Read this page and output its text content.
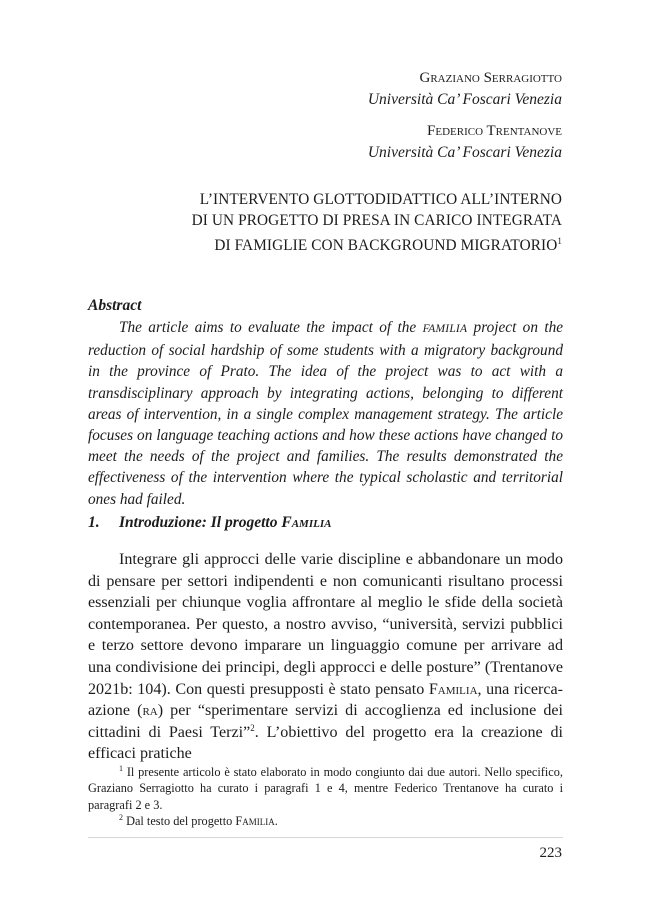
Graziano Serragiotto
Università Ca’ Foscari Venezia
Federico Trentanove
Università Ca’ Foscari Venezia
L’INTERVENTO GLOTTODIDATTICO ALL’INTERNO
DI UN PROGETTO DI PRESA IN CARICO INTEGRATA
DI FAMIGLIE CON BACKGROUND MIGRATORIO$^1$
Abstract
The article aims to evaluate the impact of the FAMILIA project on the reduction of social hardship of some students with a migratory background in the province of Prato. The idea of the project was to act with a transdisciplinary approach by integrating actions, belonging to different areas of intervention, in a single complex management strategy. The article focuses on language teaching actions and how these actions have changed to meet the needs of the project and families. The results demonstrated the effectiveness of the intervention where the typical scholastic and territorial ones had failed.
1. Introduzione: Il progetto Familia
Integrare gli approcci delle varie discipline e abbandonare un modo di pensare per settori indipendenti e non comunicanti risultano processi essenziali per chiunque voglia affrontare al meglio le sfide della società contemporanea. Per questo, a nostro avviso, “università, servizi pubblici e terzo settore devono imparare un linguaggio comune per arrivare ad una condivisione dei principi, degli approcci e delle posture” (Trentanove 2021b: 104). Con questi presupposti è stato pensato Familia, una ricerca-azione (ra) per “sperimentare servizi di accoglienza ed inclusione dei cittadini di Paesi Terzi”$^2$. L’obiettivo del progetto era la creazione di efficaci pratiche

$^1$ Il presente articolo è stato elaborato in modo congiunto dai due autori. Nello specifico, Graziano Serragiotto ha curato i paragrafi 1 e 4, mentre Federico Trentanove ha curato i paragrafi 2 e 3.

$^2$ Dal testo del progetto Familia.

223
